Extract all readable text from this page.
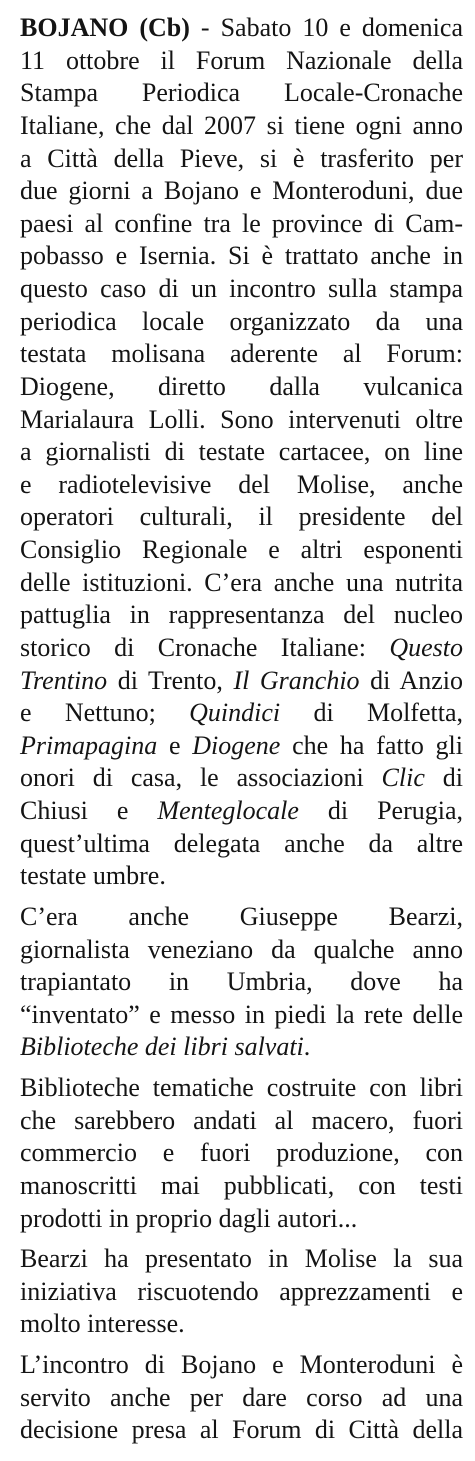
BOJANO (Cb) - Sabato 10 e domenica
11 ottobre il Forum Nazionale della
Stampa Periodica Locale-Cronache
Italiane, che dal 2007 si tiene ogni anno
a Città della Pieve, si è trasferito per
due giorni a Bojano e Monteroduni, due
paesi al confine tra le province di Cam-
pobasso e Isernia. Si è trattato anche in
questo caso di un incontro sulla stampa
periodica locale organizzato da una
testata molisana aderente al Forum:
Diogene, diretto dalla vulcanica
Marialaura Lolli. Sono intervenuti oltre
a giornalisti di testate cartacee, on line
e radiotelevisive del Molise, anche
operatori culturali, il presidente del
Consiglio Regionale e altri esponenti
delle istituzioni. C’era anche una nutrita
pattuglia in rappresentanza del nucleo
storico di Cronache Italiane: Questo
Trentino di Trento, Il Granchio di Anzio
e Nettuno; Quindici di Molfetta,
Primapagina e Diogene che ha fatto gli
onori di casa, le associazioni Clic di
Chiusi e Menteglocale di Perugia,
quest’ultima delegata anche da altre
testate umbre.
C’era anche Giuseppe Bearzi,
giornalista veneziano da qualche anno
trapiantato in Umbria, dove ha
“inventato” e messo in piedi la rete delle
Biblioteche dei libri salvati.
Biblioteche tematiche costruite con libri
che sarebbero andati al macero, fuori
commercio e fuori produzione, con
manoscritti mai pubblicati, con testi
prodotti in proprio dagli autori...
Bearzi ha presentato in Molise la sua
iniziativa riscuotendo apprezzamenti e
molto interesse.
L’incontro di Bojano e Monteroduni è
servito anche per dare corso ad una
decisione presa al Forum di Città della
